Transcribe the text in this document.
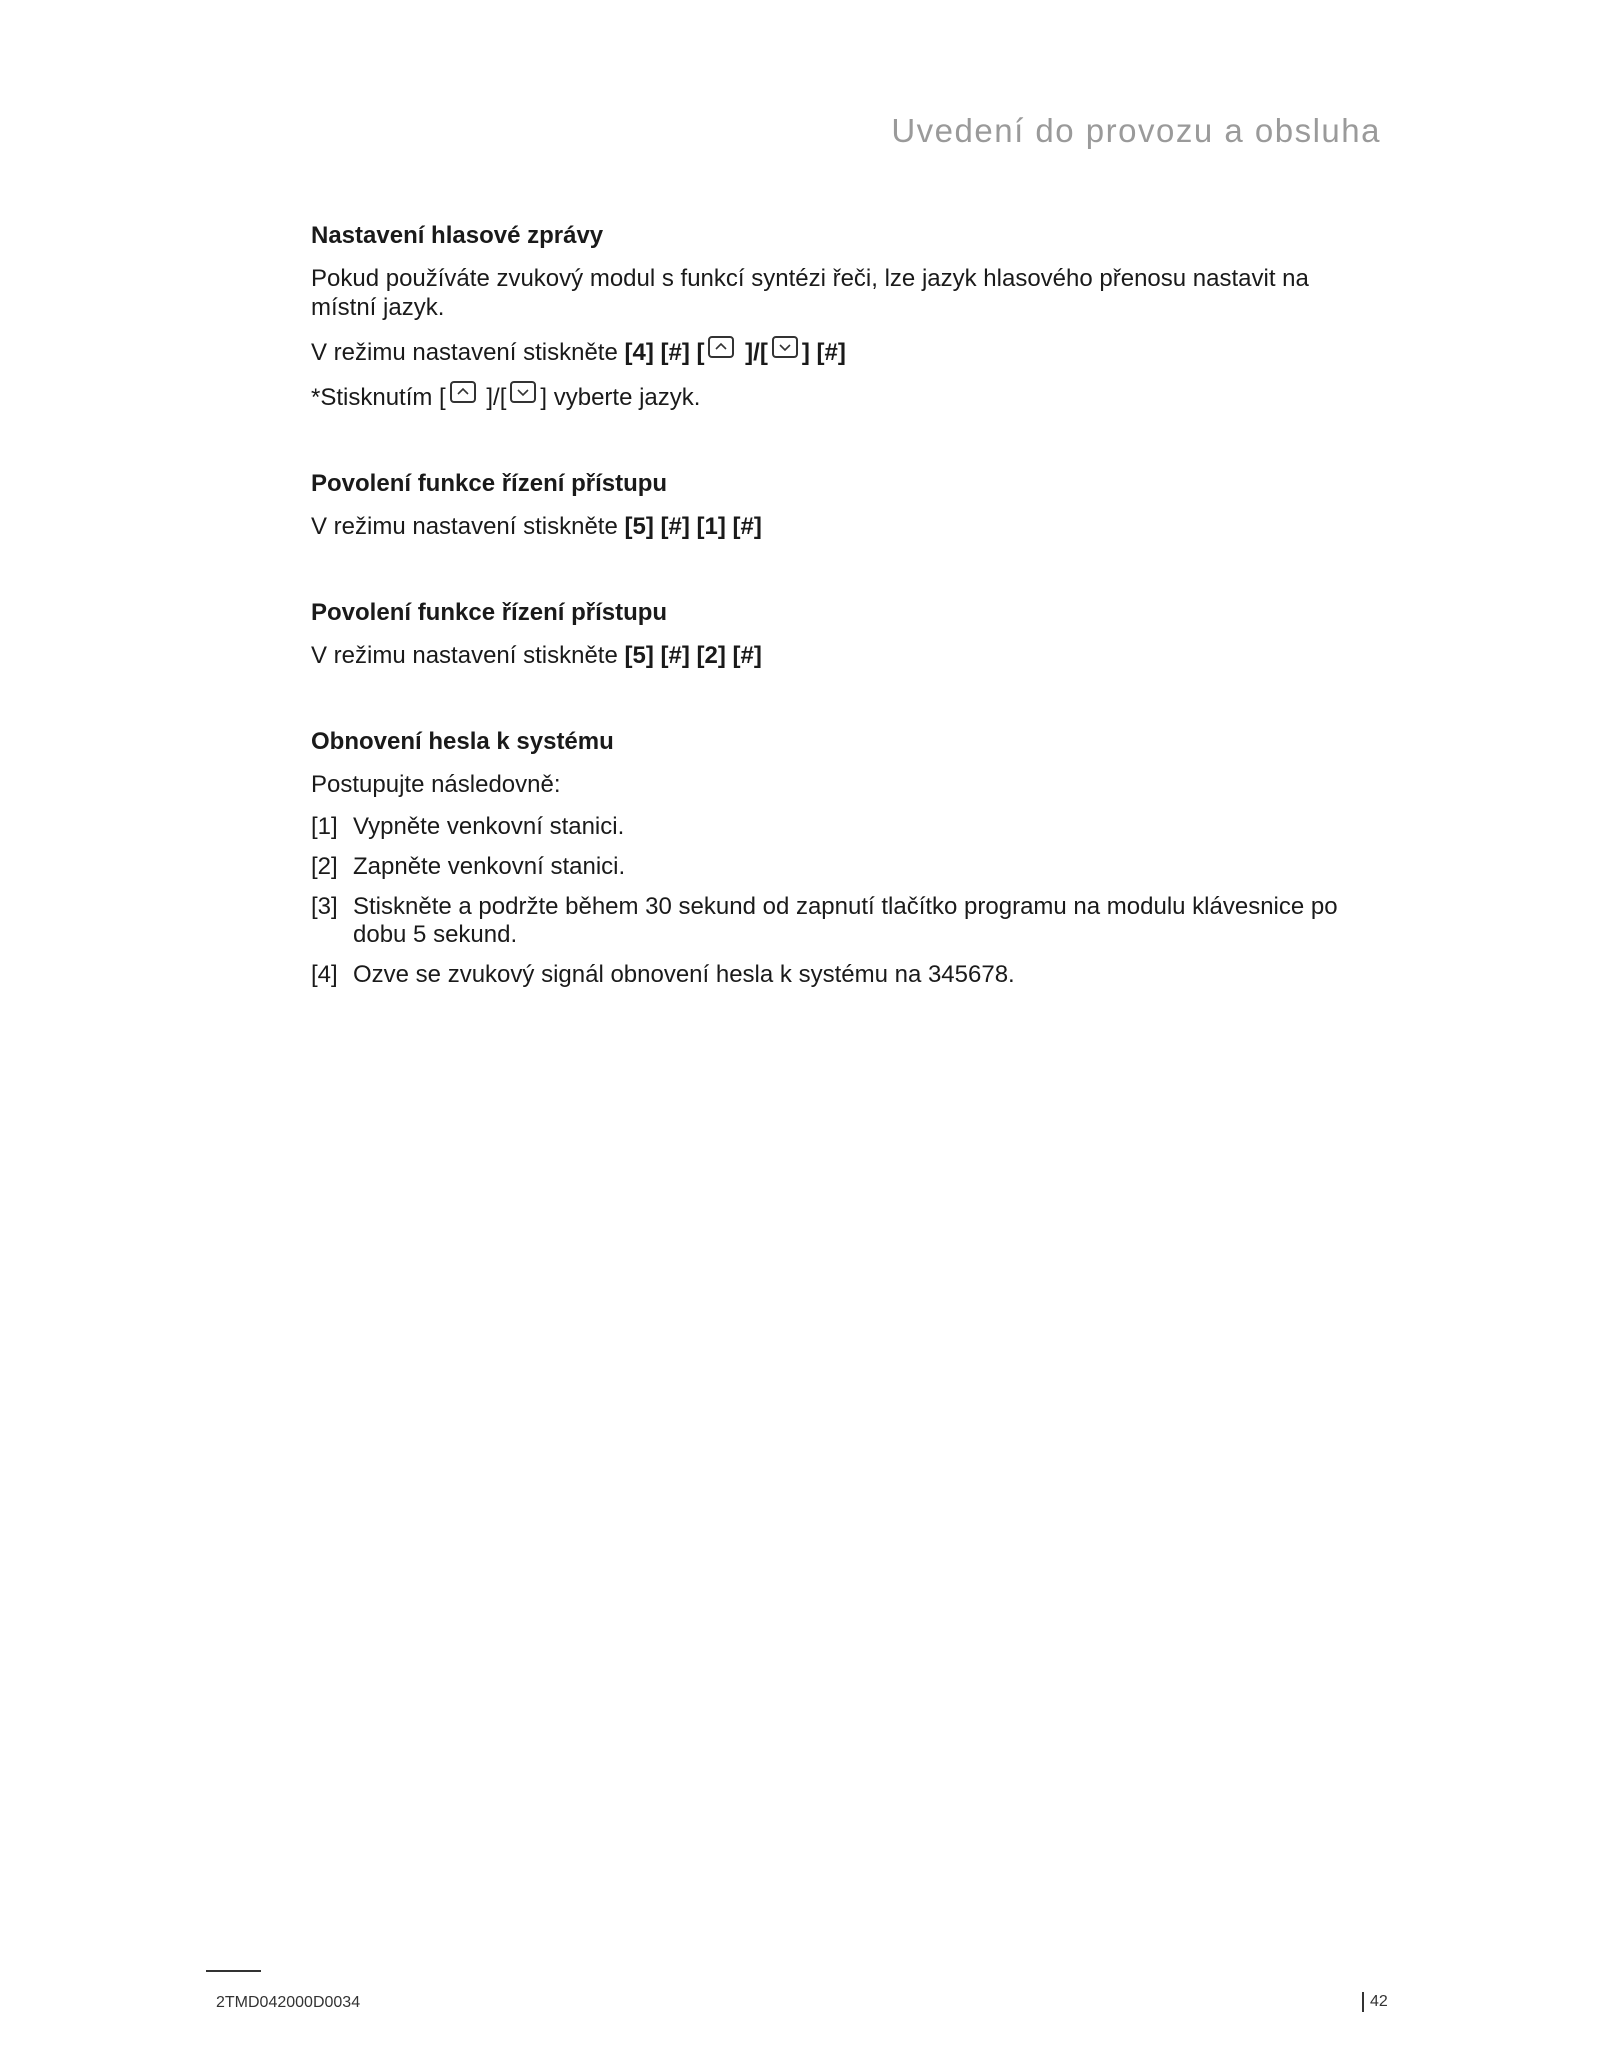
Uvedení do provozu a obsluha

Nastavení hlasové zprávy

Pokud používáte zvukový modul s funkcí syntézi řeči, lze jazyk hlasového přenosu nastavit na místní jazyk.

V režimu nastavení stiskněte [4] [#] [
]/[ ] [#]

*Stisknutím [
]/[ ] vyberte jazyk.

Povolení funkce řízení přístupu

V režimu nastavení stiskněte [5] [#] [1] [#]

Povolení funkce řízení přístupu

V režimu nastavení stiskněte [5] [#] [2] [#]

Obnovení hesla k systému

Postupujte následovně:

[1] Vypněte venkovní stanici.
[2] Zapněte venkovní stanici.
[3] Stiskněte a podržte během 30 sekund od zapnutí tlačítko programu na modulu klávesnice po dobu 5 sekund.
[4] Ozve se zvukový signál obnovení hesla k systému na 345678.
2TMD042000D0034	42
